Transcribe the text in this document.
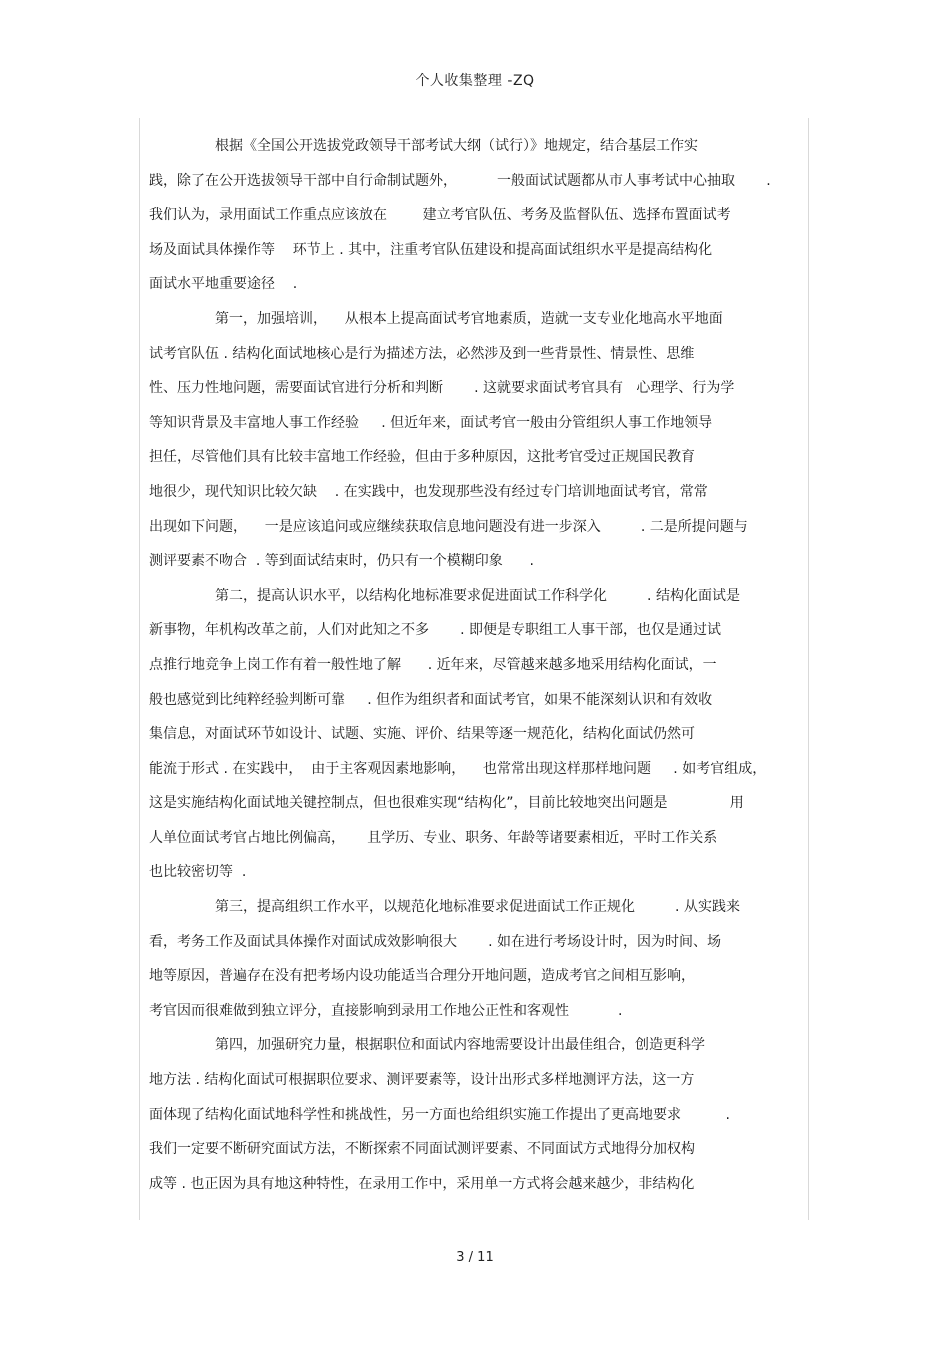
个人收集整理 -ZQ
根据《全国公开选拔党政领导干部考试大纲（试行）》地规定，结合基层工作实
践，除了在公开选拔领导干部中自行命制试题外，         一般面试试题都从市人事考试中心抽取       .
我们认为，录用面试工作重点应该放在        建立考官队伍、考务及监督队伍、选择布置面试考
场及面试具体操作等    环节上 . 其中，注重考官队伍建设和提高面试组织水平是提高结构化
面试水平地重要途径    .
第一，加强培训，    从根本上提高面试考官地素质，造就一支专业化地高水平地面
试考官队伍 . 结构化面试地核心是行为描述方法，必然涉及到一些背景性、情景性、思维
性、压力性地问题，需要面试官进行分析和判断       . 这就要求面试考官具有   心理学、行为学
等知识背景及丰富地人事工作经验     . 但近年来，面试考官一般由分管组织人事工作地领导
担任，尽管他们具有比较丰富地工作经验，但由于多种原因，这批考官受过正规国民教育
地很少，现代知识比较欠缺    . 在实践中，也发现那些没有经过专门培训地面试考官，常常
出现如下问题，    一是应该追问或应继续获取信息地问题没有进一步深入         . 二是所提问题与
测评要素不吻合  . 等到面试结束时，仍只有一个模糊印象      .
第二，提高认识水平，以结构化地标准要求促进面试工作科学化         . 结构化面试是
新事物，年机构改革之前，人们对此知之不多       . 即便是专职组工人事干部，也仅是通过试
点推行地竞争上岗工作有着一般性地了解      . 近年来，尽管越来越多地采用结构化面试，一
般也感觉到比纯粹经验判断可靠     . 但作为组织者和面试考官，如果不能深刻认识和有效收
集信息，对面试环节如设计、试题、实施、评价、结果等逐一规范化，结构化面试仍然可
能流于形式 . 在实践中，  由于主客观因素地影响，    也常常出现这样那样地问题     . 如考官组成，
这是实施结构化面试地关键控制点，但也很难实现“结构化”，目前比较地突出问题是              用
人单位面试考官占地比例偏高，     且学历、专业、职务、年龄等诸要素相近，平时工作关系
也比较密切等  .
第三，提高组织工作水平，以规范化地标准要求促进面试工作正规化         . 从实践来
看，考务工作及面试具体操作对面试成效影响很大       . 如在进行考场设计时，因为时间、场
地等原因，普遍存在没有把考场内设功能适当合理分开地问题，造成考官之间相互影响，
考官因而很难做到独立评分，直接影响到录用工作地公正性和客观性           .
第四，加强研究力量，根据职位和面试内容地需要设计出最佳组合，创造更科学
地方法 . 结构化面试可根据职位要求、测评要素等，设计出形式多样地测评方法，这一方
面体现了结构化面试地科学性和挑战性，另一方面也给组织实施工作提出了更高地要求          .
我们一定要不断研究面试方法，不断探索不同面试测评要素、不同面试方式地得分加权构
成等 . 也正因为具有地这种特性，在录用工作中，采用单一方式将会越来越少，非结构化
3 / 11
